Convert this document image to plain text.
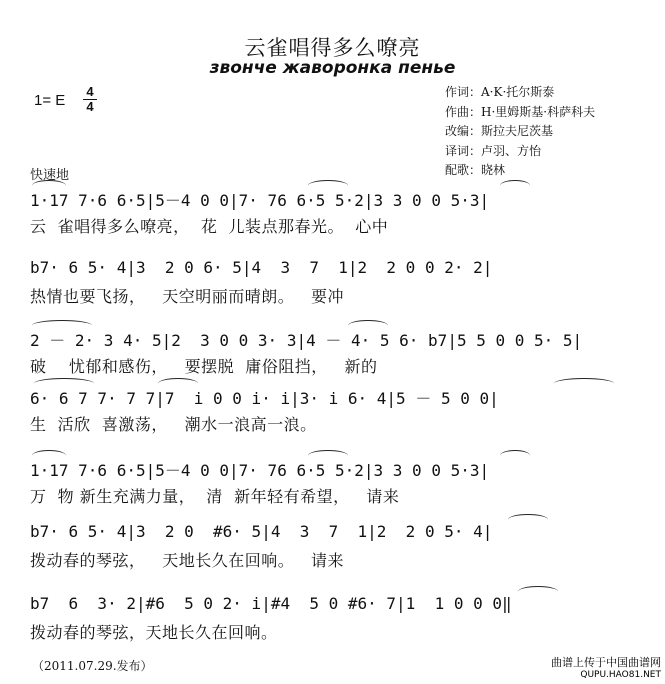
云雀唱得多么嘹亮
звонче жаворонка пенье
1= E
4
4
作词：A·K·托尔斯泰
作曲：H·里姆斯基·科萨科夫
改编：斯拉夫尼茨基
译词：卢羽、方怡
配歌：晓林
快速地
1·17 7·6 6·5|5－4 0 0|7· 76 6·5 5·2|3 3 0 0 5·3|
云  雀唱得多么嘹亮，  花  儿装点那春光。  心中
b7· 6 5· 4|3  2 0 6· 5|4  3  7  1|2  2 0 0 2· 2|
热情也要飞扬，   天空明丽而晴朗。   要冲
2 － 2· 3 4· 5|2  3 0 0 3· 3|4 － 4· 5 6· b7|5 5 0 0 5· 5|
破    忧郁和感伤，   要摆脱  庸俗阻挡，   新的
6· 6 7 7· 7 7|7  i 0 0 i· i|3· i 6· 4|5 － 5 0 0|
生  活欣  喜激荡，   潮水一浪高一浪。
1·17 7·6 6·5|5－4 0 0|7· 76 6·5 5·2|3 3 0 0 5·3|
万  物 新生充满力量，  清  新年轻有希望，   请来
b7· 6 5· 4|3  2 0  #6· 5|4  3  7  1|2  2 0 5· 4|
拨动春的琴弦，   天地长久在回响。   请来
b7  6  3· 2|#6  5 0 2· i|#4  5 0 #6· 7|1  1 0 0 0‖
拨动春的琴弦，天地长久在回响。
（2011.07.29.发布）	曲谱上传于中国曲谱网
QUPU.HAO81.NET
